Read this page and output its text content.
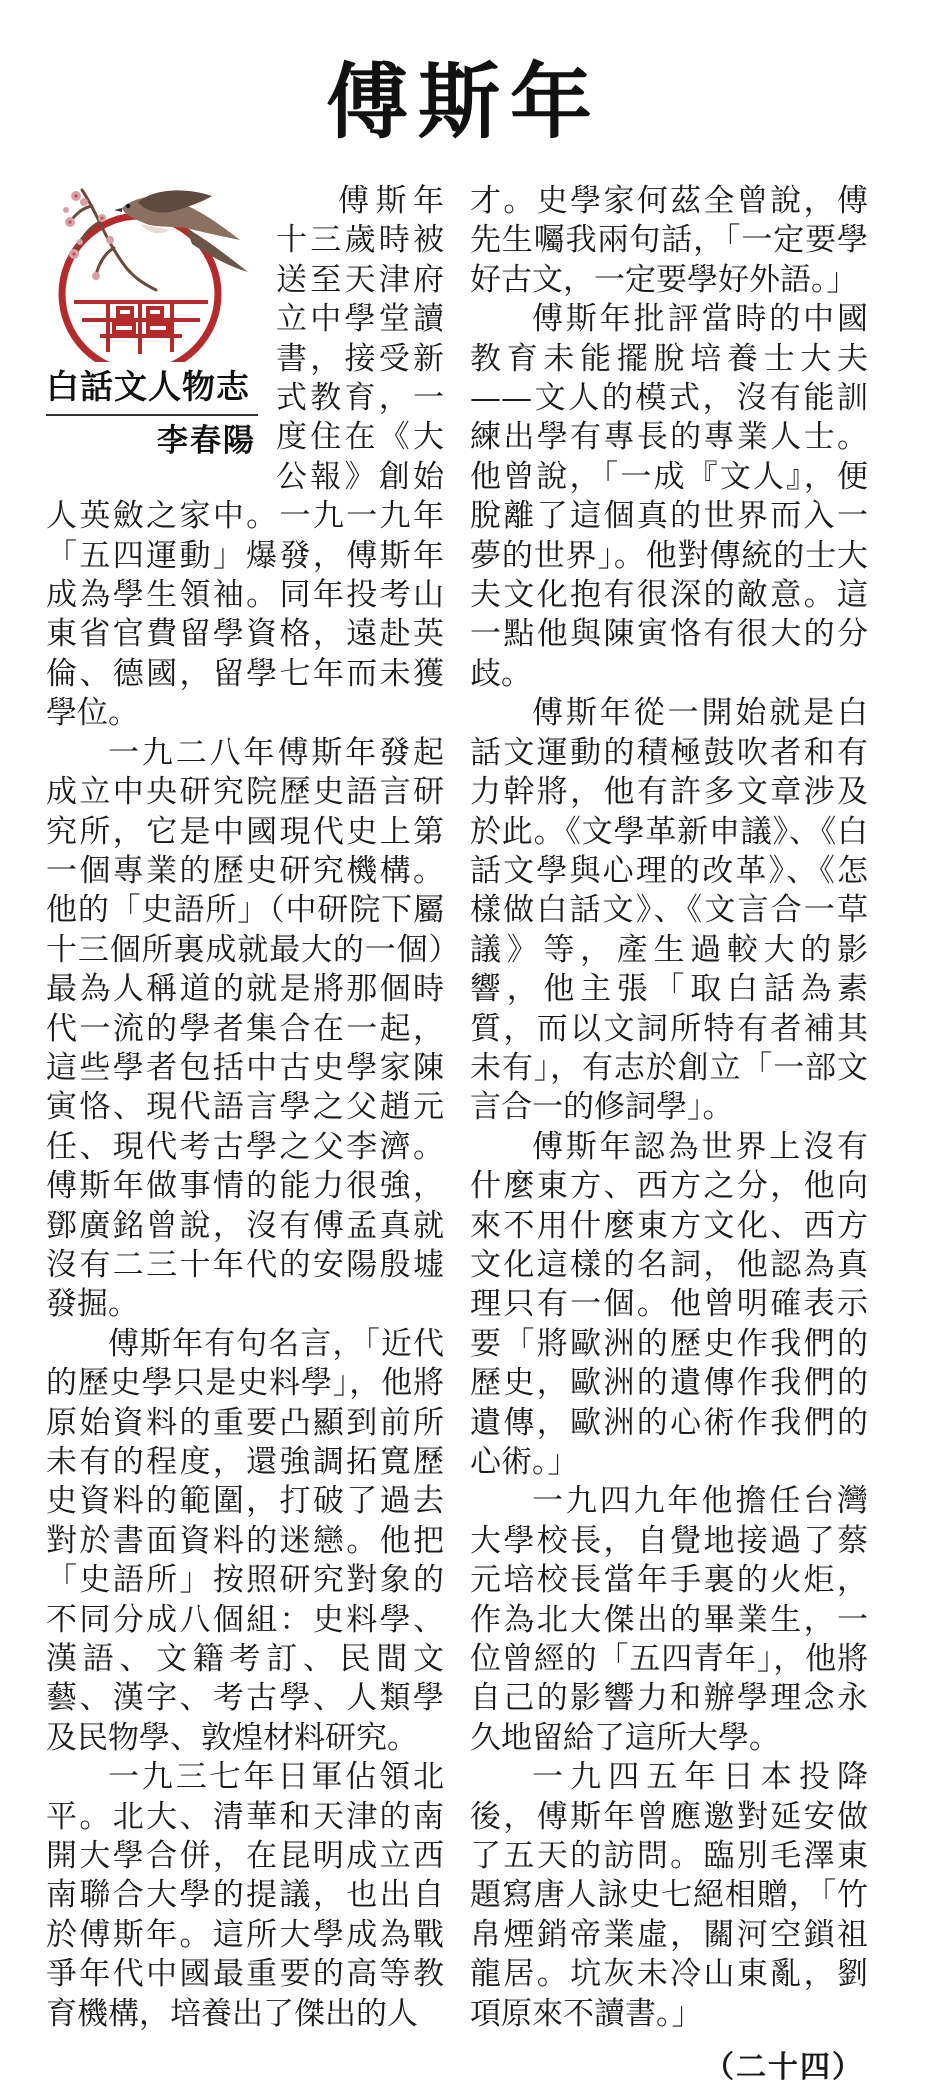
傅斯年
白話文人物志
李春陽

傅斯年十三歲時被送至天津府立中學堂讀書，接受新式教育，一度住在《大公報》創始人英斂之家中。一九一九年「五四運動」爆發，傅斯年成為學生領袖。同年投考山東省官費留學資格，遠赴英倫、德國，留學七年而未獲學位。

一九二八年傅斯年發起成立中央研究院歷史語言研究所，它是中國現代史上第一個專業的歷史研究機構。他的「史語所」（中研院下屬十三個所裏成就最大的一個）最為人稱道的就是將那個時代一流的學者集合在一起，這些學者包括中古史學家陳寅恪、現代語言學之父趙元任、現代考古學之父李濟。傅斯年做事情的能力很強，鄧廣銘曾說，沒有傅孟真就沒有二三十年代的安陽殷墟發掘。

傅斯年有句名言，「近代的歷史學只是史料學」，他將原始資料的重要凸顯到前所未有的程度，還強調拓寬歷史資料的範圍，打破了過去對於書面資料的迷戀。他把「史語所」按照研究對象的不同分成八個組：史料學、漢語、文籍考訂、民間文藝、漢字、考古學、人類學及民物學、敦煌材料研究。

一九三七年日軍佔領北平。北大、清華和天津的南開大學合併，在昆明成立西南聯合大學的提議，也出自於傅斯年。這所大學成為戰爭年代中國最重要的高等教育機構，培養出了傑出的人

才。史學家何茲全曾說，傅先生囑我兩句話，「一定要學好古文，一定要學好外語。」

傅斯年批評當時的中國教育未能擺脫培養士大夫——文人的模式，沒有能訓練出學有專長的專業人士。他曾說，「一成『文人』，便脫離了這個真的世界而入一夢的世界」。他對傳統的士大夫文化抱有很深的敵意。這一點他與陳寅恪有很大的分歧。

傅斯年從一開始就是白話文運動的積極鼓吹者和有力幹將，他有許多文章涉及於此。《文學革新申議》、《白話文學與心理的改革》、《怎樣做白話文》、《文言合一草議》等，產生過較大的影響，他主張「取白話為素質，而以文詞所特有者補其未有」，有志於創立「一部文言合一的修詞學」。

傅斯年認為世界上沒有什麼東方、西方之分，他向來不用什麼東方文化、西方文化這樣的名詞，他認為真理只有一個。他曾明確表示要「將歐洲的歷史作我們的歷史，歐洲的遺傳作我們的遺傳，歐洲的心術作我們的心術。」

一九四九年他擔任台灣大學校長，自覺地接過了蔡元培校長當年手裏的火炬，作為北大傑出的畢業生，一位曾經的「五四青年」，他將自己的影響力和辦學理念永久地留給了這所大學。

一九四五年日本投降後，傅斯年曾應邀對延安做了五天的訪問。臨別毛澤東題寫唐人詠史七絕相贈，「竹帛煙銷帝業虛，關河空鎖祖龍居。坑灰未冷山東亂，劉項原來不讀書。」

（二十四）
